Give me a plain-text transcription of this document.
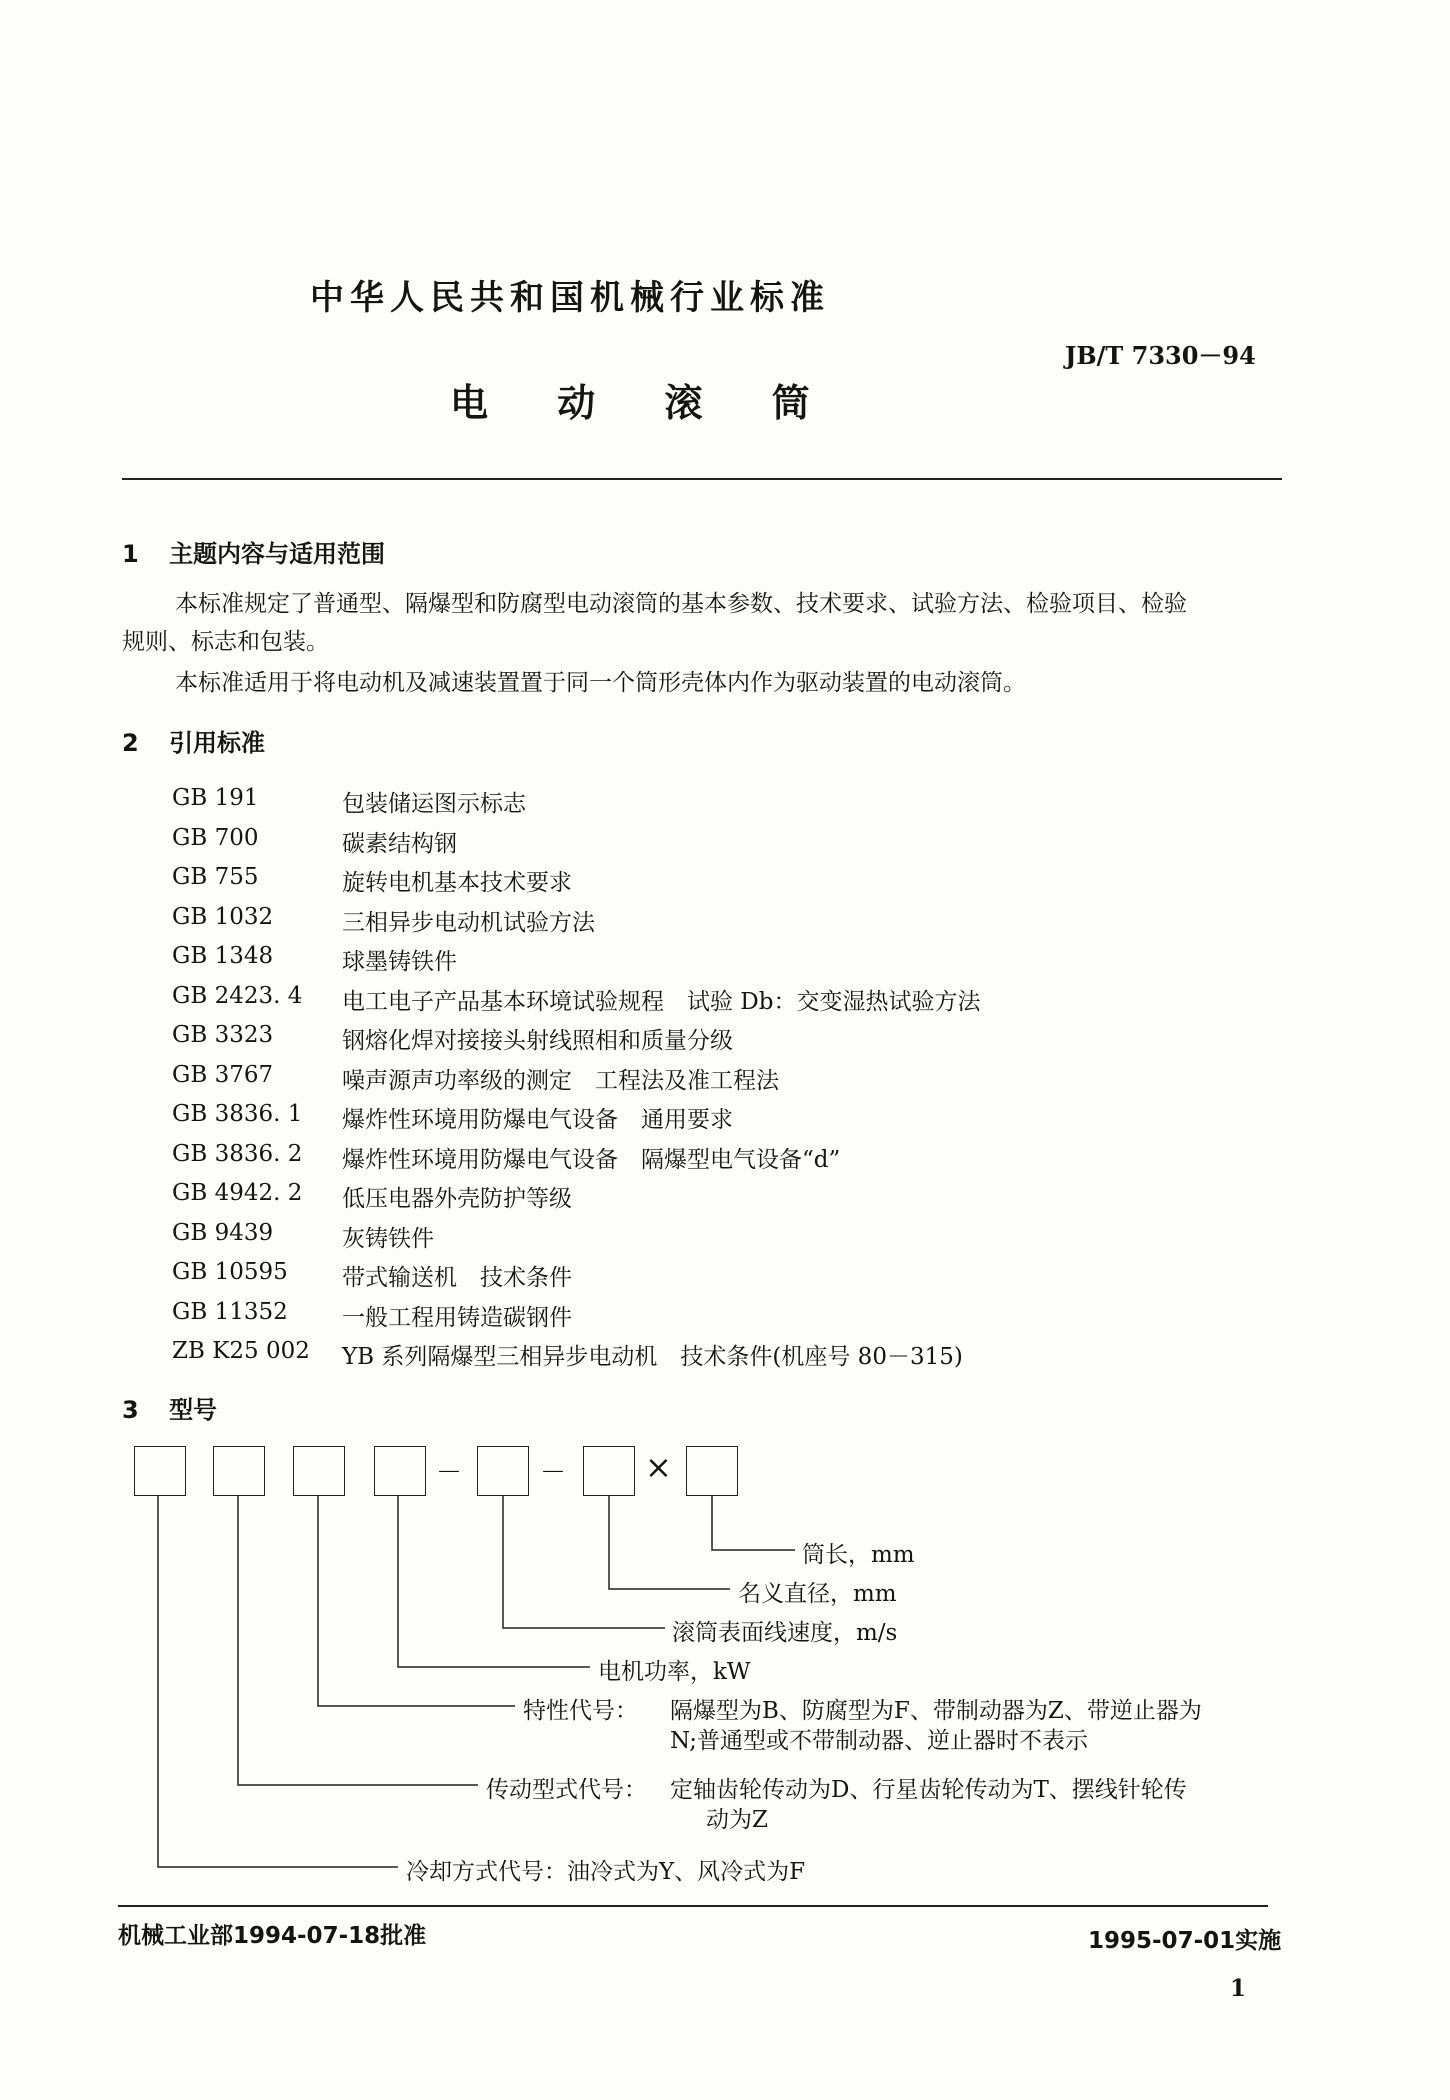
中华人民共和国机械行业标准
JB/T 7330－94
电 动 滚 筒
1 主题内容与适用范围
本标准规定了普通型、隔爆型和防腐型电动滚筒的基本参数、技术要求、试验方法、检验项目、检验
规则、标志和包装。
本标准适用于将电动机及减速装置置于同一个筒形壳体内作为驱动装置的电动滚筒。
2 引用标准
GB 191	包装储运图示标志
GB 700	碳素结构钢
GB 755	旋转电机基本技术要求
GB 1032	三相异步电动机试验方法
GB 1348	球墨铸铁件
GB 2423. 4 电工电子产品基本环境试验规程　试验 Db：交变湿热试验方法
GB 3323	钢熔化焊对接接头射线照相和质量分级
GB 3767	噪声源声功率级的测定　工程法及准工程法
GB 3836. 1 爆炸性环境用防爆电气设备　通用要求
GB 3836. 2 爆炸性环境用防爆电气设备　隔爆型电气设备“d”
GB 4942. 2 低压电器外壳防护等级
GB 9439	灰铸铁件
GB 10595 带式输送机　技术条件
GB 11352 一般工程用铸造碳钢件
ZB K25 002 YB 系列隔爆型三相异步电动机　技术条件(机座号 80－315)
3 型号
－	－ ×
筒长，mm
名义直径，mm
滚筒表面线速度，m/s
电机功率，kW
特性代号： 隔爆型为B、防腐型为F、带制动器为Z、带逆止器为
N;普通型或不带制动器、逆止器时不表示
传动型式代号： 定轴齿轮传动为D、行星齿轮传动为T、摆线针轮传
动为Z
冷却方式代号：油冷式为Y、风冷式为F
机械工业部1994-07-18批准	1995-07-01实施
1
